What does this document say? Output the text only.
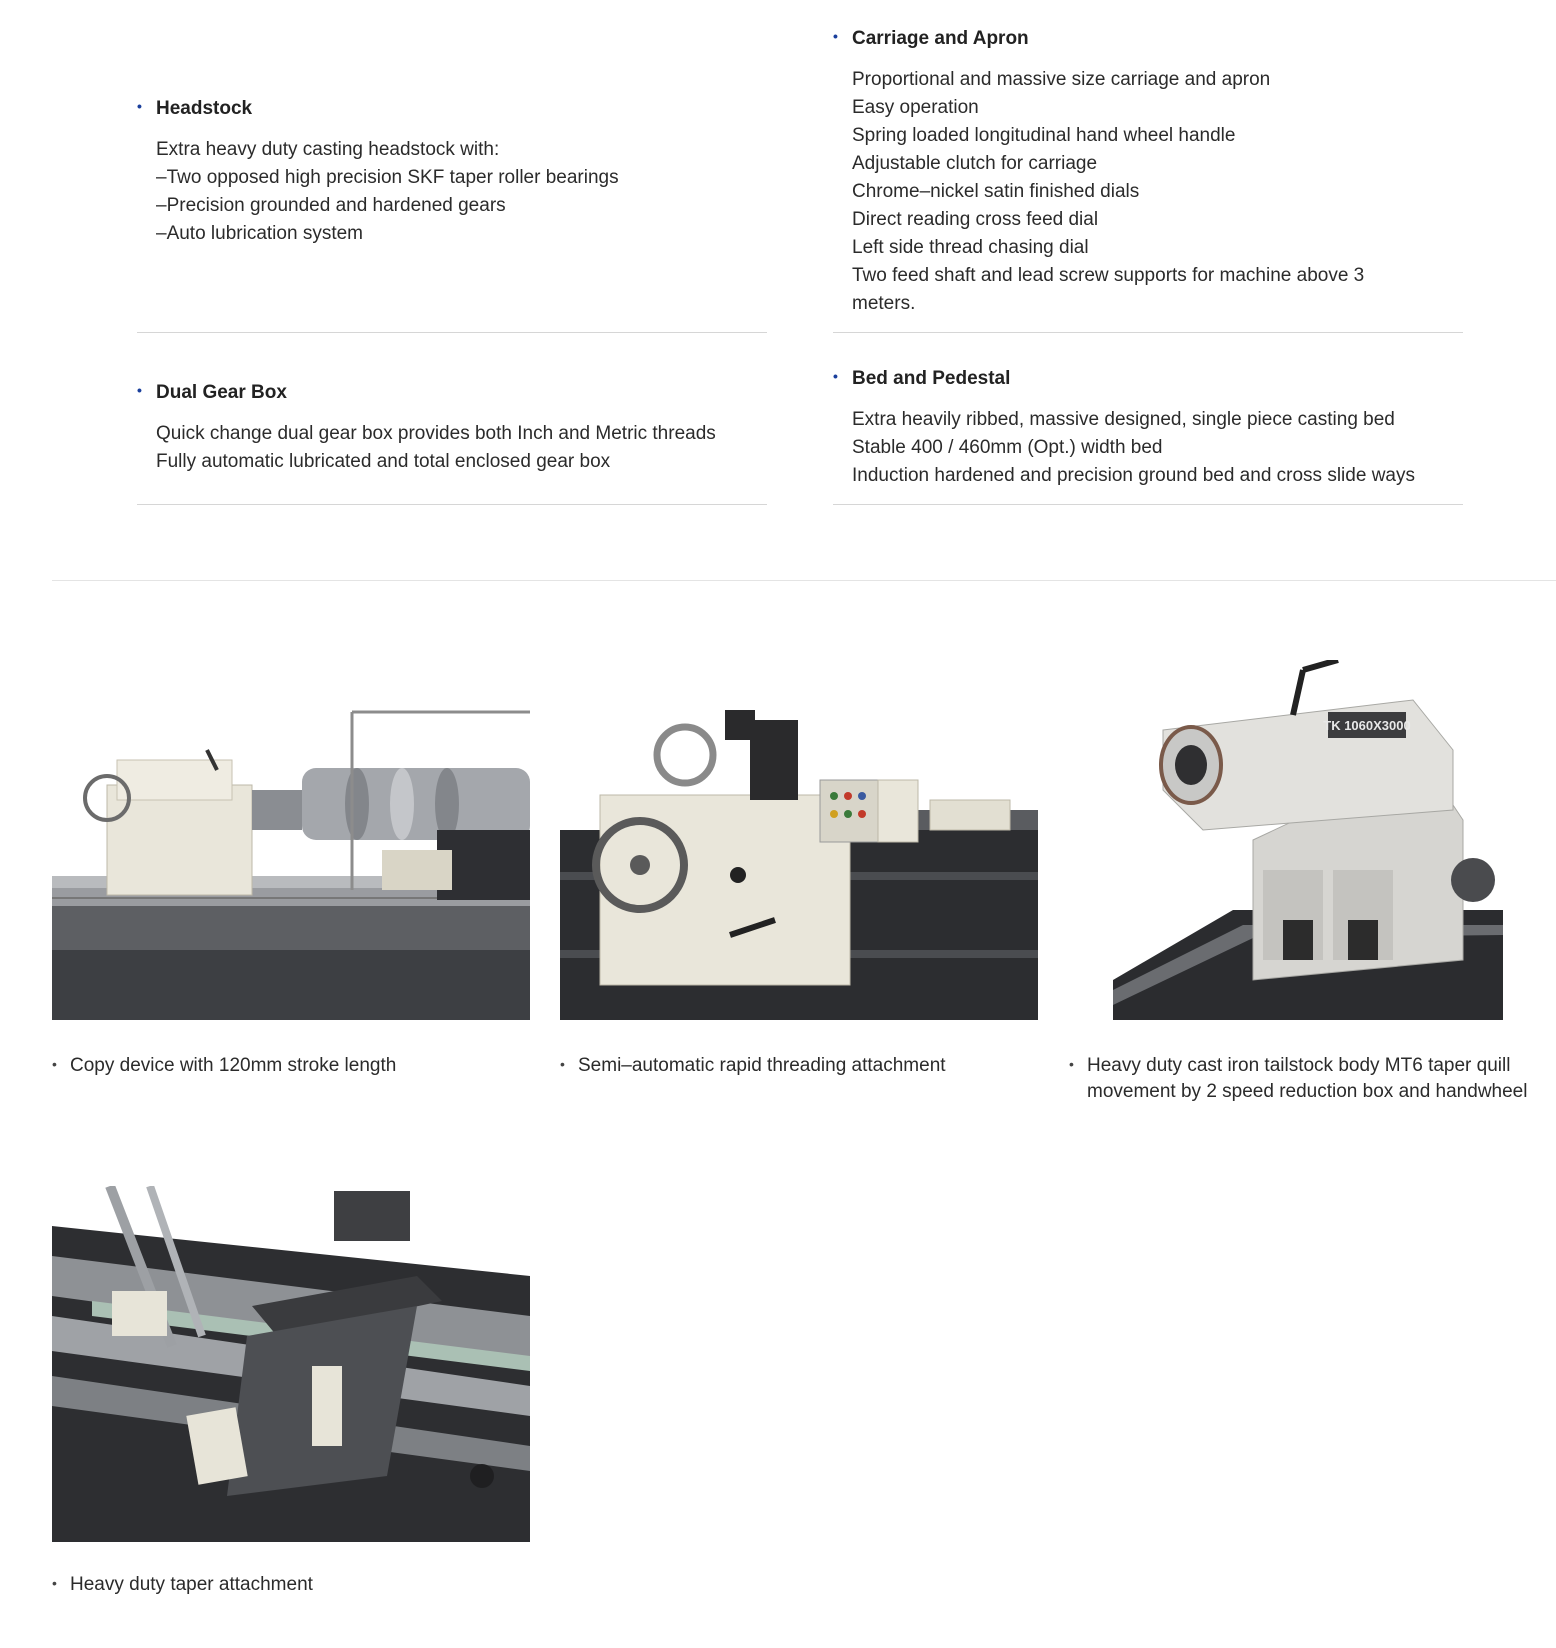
• Headstock
Extra heavy duty casting headstock with:
–Two opposed high precision SKF taper roller bearings
–Precision grounded and hardened gears
–Auto lubrication system
• Carriage and Apron
Proportional and massive size carriage and apron
Easy operation
Spring loaded longitudinal hand wheel handle
Adjustable clutch for carriage
Chrome–nickel satin finished dials
Direct reading cross feed dial
Left side thread chasing dial
Two feed shaft and lead screw supports for machine above 3
meters.
• Dual Gear Box
Quick change dual gear box provides both Inch and Metric threads
Fully automatic lubricated and total enclosed gear box
• Bed and Pedestal
Extra heavily ribbed, massive designed, single piece casting bed
Stable 400 / 460mm (Opt.) width bed
Induction hardened and precision ground bed and cross slide ways
• Copy device with 120mm stroke length	• Semi–automatic rapid threading attachment
TK 1060X3000
• Heavy duty cast iron tailstock body MT6 taper quill
movement by 2 speed reduction box and handwheel
• Heavy duty taper attachment
